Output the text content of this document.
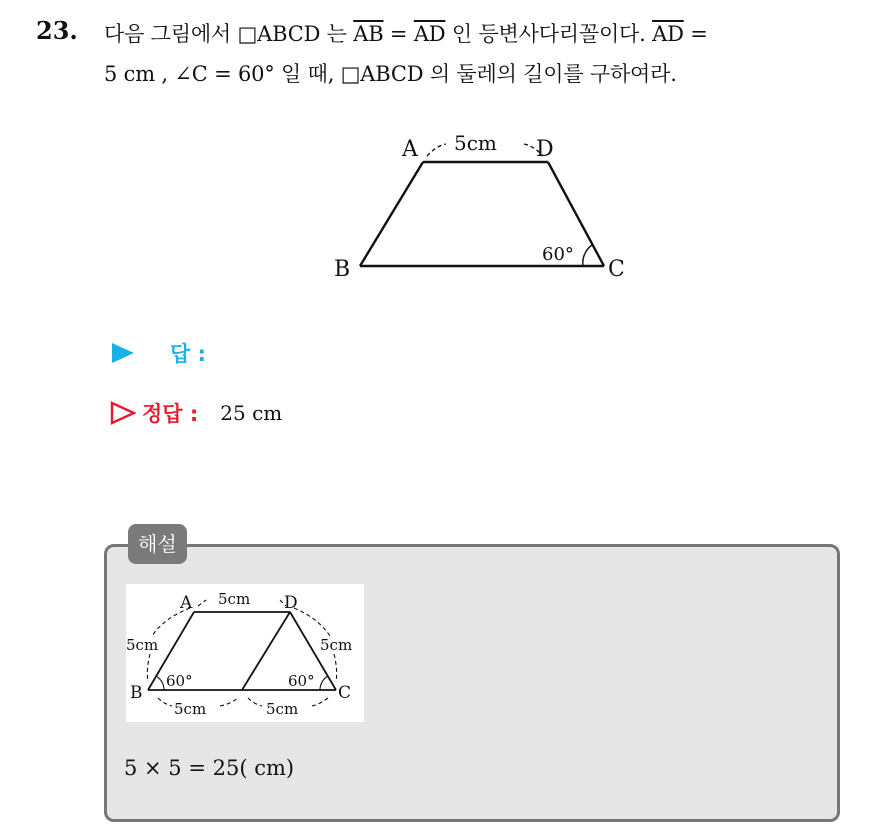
23. 다음 그림에서 □ABCD 는 $\overline{AB} = \overline{AD}$ 인 등변사다리꼴이다. $\overline{AD}$ =
5 cm , ∠C = 60° 일 때, □ABCD 의 둘레의 길이를 구하여라.
A	D
B	C
5cm
60°
답 :
정답 : 25 cm
해설
A	D
B	C
5cm
5cm	5cm
5cm	5cm
60°	60°
5 × 5 = 25( cm)
